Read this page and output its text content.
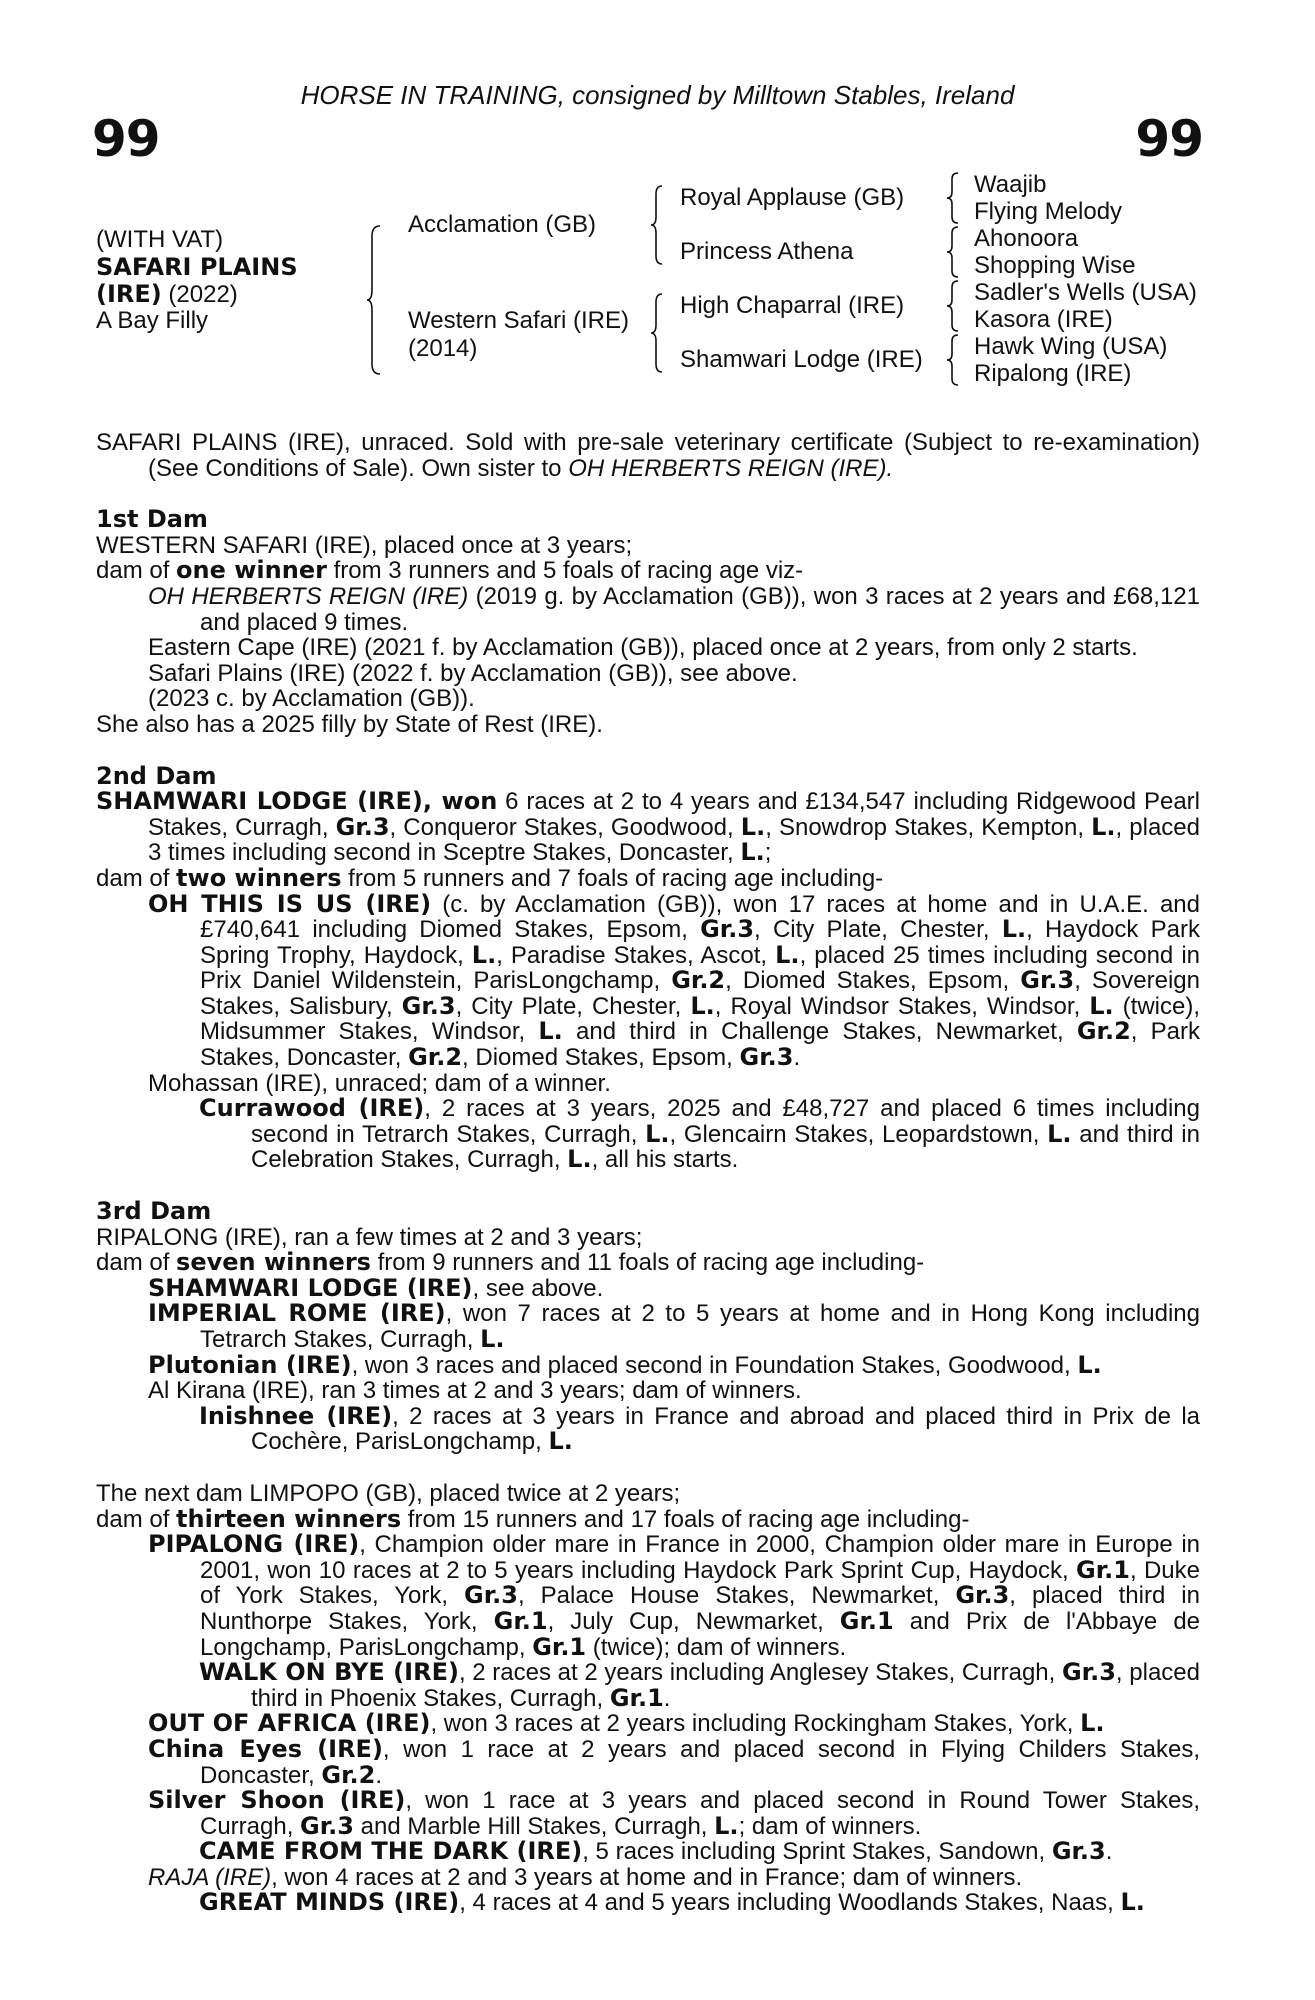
HORSE IN TRAINING, consigned by Milltown Stables, Ireland
99	99
(WITH VAT)
SAFARI PLAINS
(IRE) (2022)
A Bay Filly
Acclamation (GB)
Western Safari (IRE)
(2014)
Royal Applause (GB)
Princess Athena
High Chaparral (IRE)
Shamwari Lodge (IRE)
Waajib
Flying Melody
Ahonoora
Shopping Wise
Sadler's Wells (USA)
Kasora (IRE)
Hawk Wing (USA)
Ripalong (IRE)

SAFARI PLAINS (IRE), unraced. Sold with pre-sale veterinary certificate (Subject to re-examination) (See Conditions of Sale). Own sister to OH HERBERTS REIGN (IRE).

1st Dam

WESTERN SAFARI (IRE), placed once at 3 years;

dam of one winner from 3 runners and 5 foals of racing age viz-

OH HERBERTS REIGN (IRE) (2019 g. by Acclamation (GB)), won 3 races at 2 years and £68,121 and placed 9 times.

Eastern Cape (IRE) (2021 f. by Acclamation (GB)), placed once at 2 years, from only 2 starts.

Safari Plains (IRE) (2022 f. by Acclamation (GB)), see above.

(2023 c. by Acclamation (GB)).

She also has a 2025 filly by State of Rest (IRE).

2nd Dam

SHAMWARI LODGE (IRE), won 6 races at 2 to 4 years and £134,547 including Ridgewood Pearl Stakes, Curragh, Gr.3, Conqueror Stakes, Goodwood, L., Snowdrop Stakes, Kempton, L., placed 3 times including second in Sceptre Stakes, Doncaster, L.;

dam of two winners from 5 runners and 7 foals of racing age including-

OH THIS IS US (IRE) (c. by Acclamation (GB)), won 17 races at home and in U.A.E. and £740,641 including Diomed Stakes, Epsom, Gr.3, City Plate, Chester, L., Haydock Park Spring Trophy, Haydock, L., Paradise Stakes, Ascot, L., placed 25 times including second in Prix Daniel Wildenstein, ParisLongchamp, Gr.2, Diomed Stakes, Epsom, Gr.3, Sovereign Stakes, Salisbury, Gr.3, City Plate, Chester, L., Royal Windsor Stakes, Windsor, L. (twice), Midsummer Stakes, Windsor, L. and third in Challenge Stakes, Newmarket, Gr.2, Park Stakes, Doncaster, Gr.2, Diomed Stakes, Epsom, Gr.3.

Mohassan (IRE), unraced; dam of a winner.

Currawood (IRE), 2 races at 3 years, 2025 and £48,727 and placed 6 times including second in Tetrarch Stakes, Curragh, L., Glencairn Stakes, Leopardstown, L. and third in Celebration Stakes, Curragh, L., all his starts.

3rd Dam

RIPALONG (IRE), ran a few times at 2 and 3 years;

dam of seven winners from 9 runners and 11 foals of racing age including-

SHAMWARI LODGE (IRE), see above.

IMPERIAL ROME (IRE), won 7 races at 2 to 5 years at home and in Hong Kong including Tetrarch Stakes, Curragh, L.

Plutonian (IRE), won 3 races and placed second in Foundation Stakes, Goodwood, L.

Al Kirana (IRE), ran 3 times at 2 and 3 years; dam of winners.

Inishnee (IRE), 2 races at 3 years in France and abroad and placed third in Prix de la Cochère, ParisLongchamp, L.

The next dam LIMPOPO (GB), placed twice at 2 years;

dam of thirteen winners from 15 runners and 17 foals of racing age including-

PIPALONG (IRE), Champion older mare in France in 2000, Champion older mare in Europe in 2001, won 10 races at 2 to 5 years including Haydock Park Sprint Cup, Haydock, Gr.1, Duke of York Stakes, York, Gr.3, Palace House Stakes, Newmarket, Gr.3, placed third in Nunthorpe Stakes, York, Gr.1, July Cup, Newmarket, Gr.1 and Prix de l'Abbaye de Longchamp, ParisLongchamp, Gr.1 (twice); dam of winners.

WALK ON BYE (IRE), 2 races at 2 years including Anglesey Stakes, Curragh, Gr.3, placed third in Phoenix Stakes, Curragh, Gr.1.

OUT OF AFRICA (IRE), won 3 races at 2 years including Rockingham Stakes, York, L.

China Eyes (IRE), won 1 race at 2 years and placed second in Flying Childers Stakes, Doncaster, Gr.2.

Silver Shoon (IRE), won 1 race at 3 years and placed second in Round Tower Stakes, Curragh, Gr.3 and Marble Hill Stakes, Curragh, L.; dam of winners.

CAME FROM THE DARK (IRE), 5 races including Sprint Stakes, Sandown, Gr.3.

RAJA (IRE), won 4 races at 2 and 3 years at home and in France; dam of winners.

GREAT MINDS (IRE), 4 races at 4 and 5 years including Woodlands Stakes, Naas, L.
